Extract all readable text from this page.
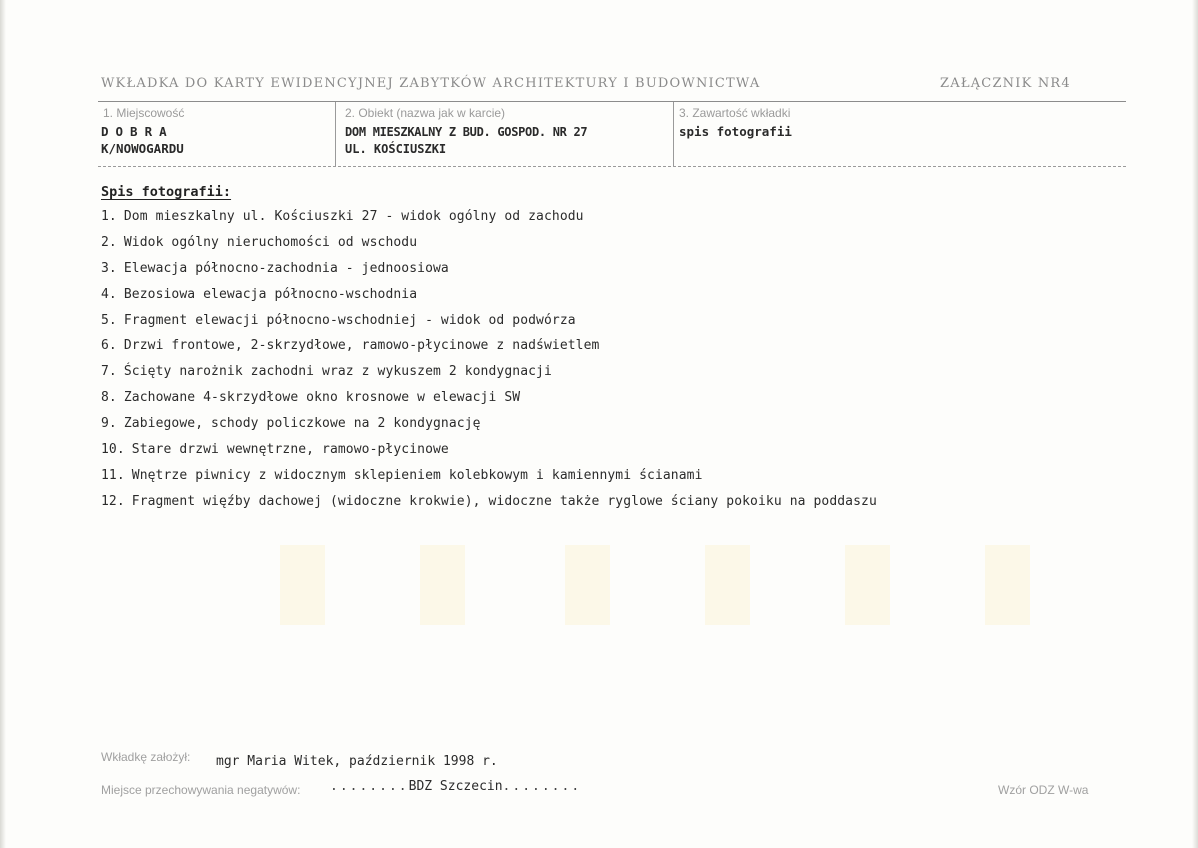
WKŁADKA DO KARTY EWIDENCYJNEJ ZABYTKÓW ARCHITEKTURY I BUDOWNICTWA	ZAŁĄCZNIK NR4
1. Miejscowość
DOBRA
K/NOWOGARDU
2. Obiekt (nazwa jak w karcie)
DOM MIESZKALNY Z BUD. GOSPOD. NR 27
UL. KOŚCIUSZKI
3. Zawartość wkładki
spis fotografii
Spis fotografii:
1. Dom mieszkalny ul. Kościuszki 27 - widok ogólny od zachodu
2. Widok ogólny nieruchomości od wschodu
3. Elewacja północno-zachodnia - jednoosiowa
4. Bezosiowa elewacja północno-wschodnia
5. Fragment elewacji północno-wschodniej - widok od podwórza
6. Drzwi frontowe, 2-skrzydłowe, ramowo-płycinowe z nadświetlem
7. Ścięty narożnik zachodni wraz z wykuszem 2 kondygnacji
8. Zachowane 4-skrzydłowe okno krosnowe w elewacji SW
9. Zabiegowe, schody policzkowe na 2 kondygnację
10. Stare drzwi wewnętrzne, ramowo-płycinowe
11. Wnętrze piwnicy z widocznym sklepieniem kolebkowym i kamiennymi ścianami
12. Fragment więźby dachowej (widoczne krokwie), widoczne także ryglowe ściany pokoiku na poddaszu
Wkładkę założył: mgr Maria Witek, październik 1998 r.
Miejsce przechowywania negatywów: ........BDZ Szczecin........	Wzór ODZ W-wa
